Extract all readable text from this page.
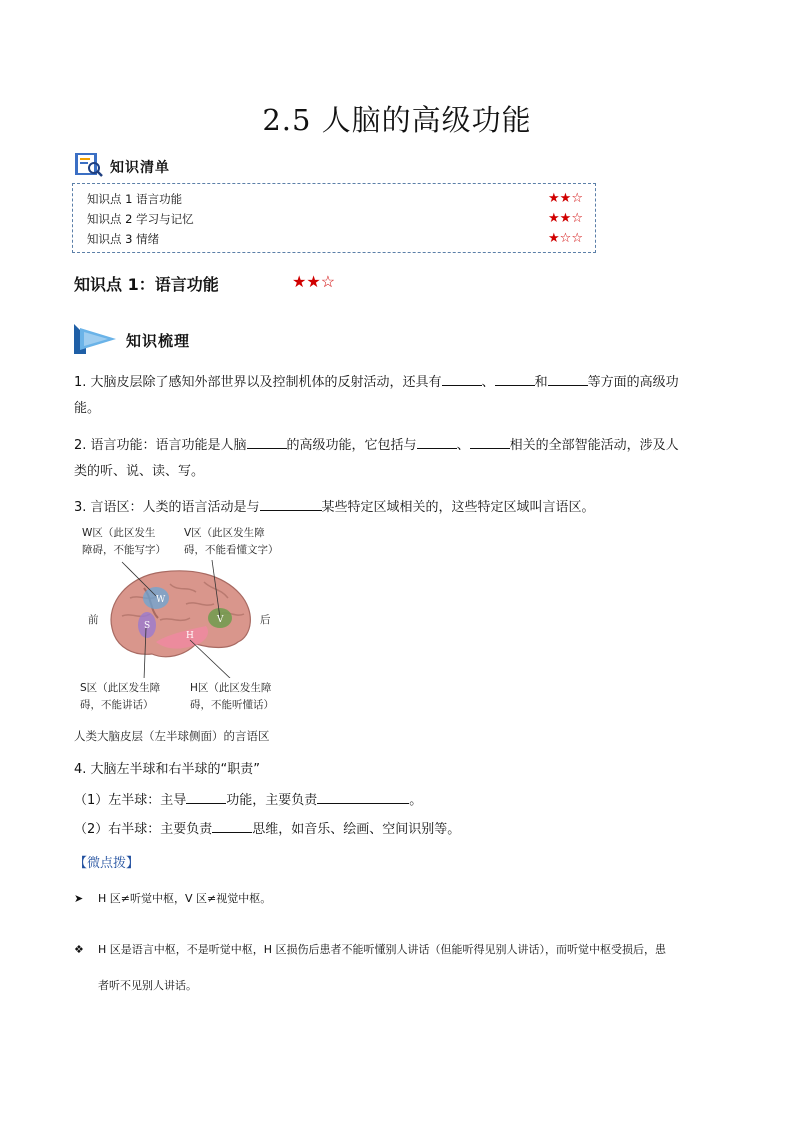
2.5 人脑的高级功能
知识清单
知识点 1 语言功能	★★☆
知识点 2 学习与记忆	★★☆
知识点 3 情绪	★☆☆
知识点 1：语言功能	★★☆
知识梳理
1. 大脑皮层除了感知外部世界以及控制机体的反射活动，还具有	、	和	等方面的高级功
能。
2. 语言功能：语言功能是人脑	的高级功能，它包括与	、	相关的全部智能活动，涉及人
类的听、说、读、写。
3. 言语区：人类的语言活动是与	某些特定区域相关的，这些特定区域叫言语区。
W区（此区发生
障碍，不能写字）
V区（此区发生障
碍，不能看懂文字）
前	后
S区（此区发生障
碍，不能讲话）
H区（此区发生障
碍，不能听懂话）
W
S
H
V
人类大脑皮层（左半球侧面）的言语区
4. 大脑左半球和右半球的“职责”
（1）左半球：主导	功能，主要负责	。
（2）右半球：主要负责	思维，如音乐、绘画、空间识别等。
【微点拨】
➤ H 区≠听觉中枢，V 区≠视觉中枢。
❖ H 区是语言中枢，不是听觉中枢，H 区损伤后患者不能听懂别人讲话（但能听得见别人讲话），而听觉中枢受损后，患
者听不见别人讲话。
